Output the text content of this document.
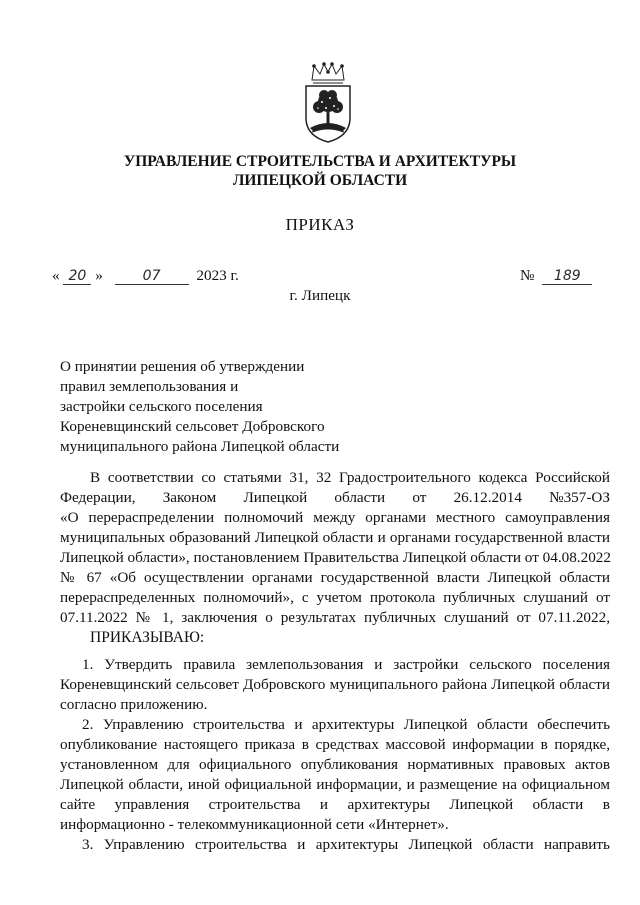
УПРАВЛЕНИЕ СТРОИТЕЛЬСТВА И АРХИТЕКТУРЫ
ЛИПЕЦКОЙ ОБЛАСТИ
ПРИКАЗ
« 20 »	07 2023 г.	№ 189
г. Липецк
О принятии решения об утверждении
правил землепользования и
застройки сельского поселения
Кореневщинский сельсовет Добровского
муниципального района Липецкой области
В соответствии со статьями 31, 32 Градостроительного кодекса Российской
Федерации, Законом Липецкой области от 26.12.2014 №357-ОЗ
«О перераспределении полномочий между органами местного самоуправления
муниципальных образований Липецкой области и органами государственной власти
Липецкой области», постановлением Правительства Липецкой области от 04.08.2022
№ 67 «Об осуществлении органами государственной власти Липецкой области
перераспределенных полномочий», с учетом протокола публичных слушаний от
07.11.2022 № 1, заключения о результатах публичных слушаний от 07.11.2022,
ПРИКАЗЫВАЮ:
1. Утвердить правила землепользования и застройки сельского поселения
Кореневщинский сельсовет Добровского муниципального района Липецкой области
согласно приложению.
2. Управлению строительства и архитектуры Липецкой области обеспечить
опубликование настоящего приказа в средствах массовой информации в порядке,
установленном для официального опубликования нормативных правовых актов
Липецкой области, иной официальной информации, и размещение на официальном
сайте управления строительства и архитектуры Липецкой области в
информационно - телекоммуникационной сети «Интернет».
3. Управлению строительства и архитектуры Липецкой области направить
